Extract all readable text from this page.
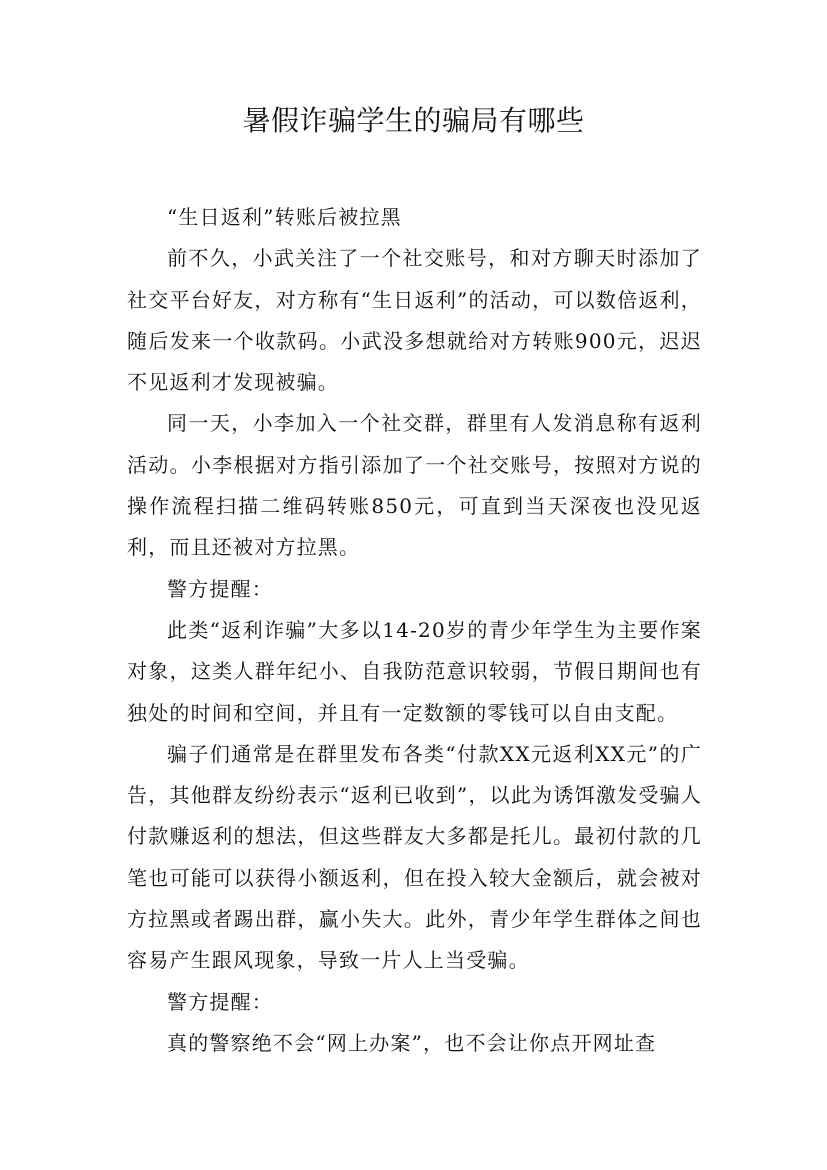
暑假诈骗学生的骗局有哪些

“生日返利”转账后被拉黑

前不久，小武关注了一个社交账号，和对方聊天时添加了社交平台好友，对方称有“生日返利”的活动，可以数倍返利，随后发来一个收款码。小武没多想就给对方转账900元，迟迟不见返利才发现被骗。

同一天，小李加入一个社交群，群里有人发消息称有返利活动。小李根据对方指引添加了一个社交账号，按照对方说的操作流程扫描二维码转账850元，可直到当天深夜也没见返利，而且还被对方拉黑。

警方提醒：

此类“返利诈骗”大多以14-20岁的青少年学生为主要作案对象，这类人群年纪小、自我防范意识较弱，节假日期间也有独处的时间和空间，并且有一定数额的零钱可以自由支配。

骗子们通常是在群里发布各类“付款XX元返利XX元”的广告，其他群友纷纷表示“返利已收到”，以此为诱饵激发受骗人付款赚返利的想法，但这些群友大多都是托儿。最初付款的几笔也可能可以获得小额返利，但在投入较大金额后，就会被对方拉黑或者踢出群，赢小失大。此外，青少年学生群体之间也容易产生跟风现象，导致一片人上当受骗。

警方提醒：

真的警察绝不会“网上办案”，也不会让你点开网址查
